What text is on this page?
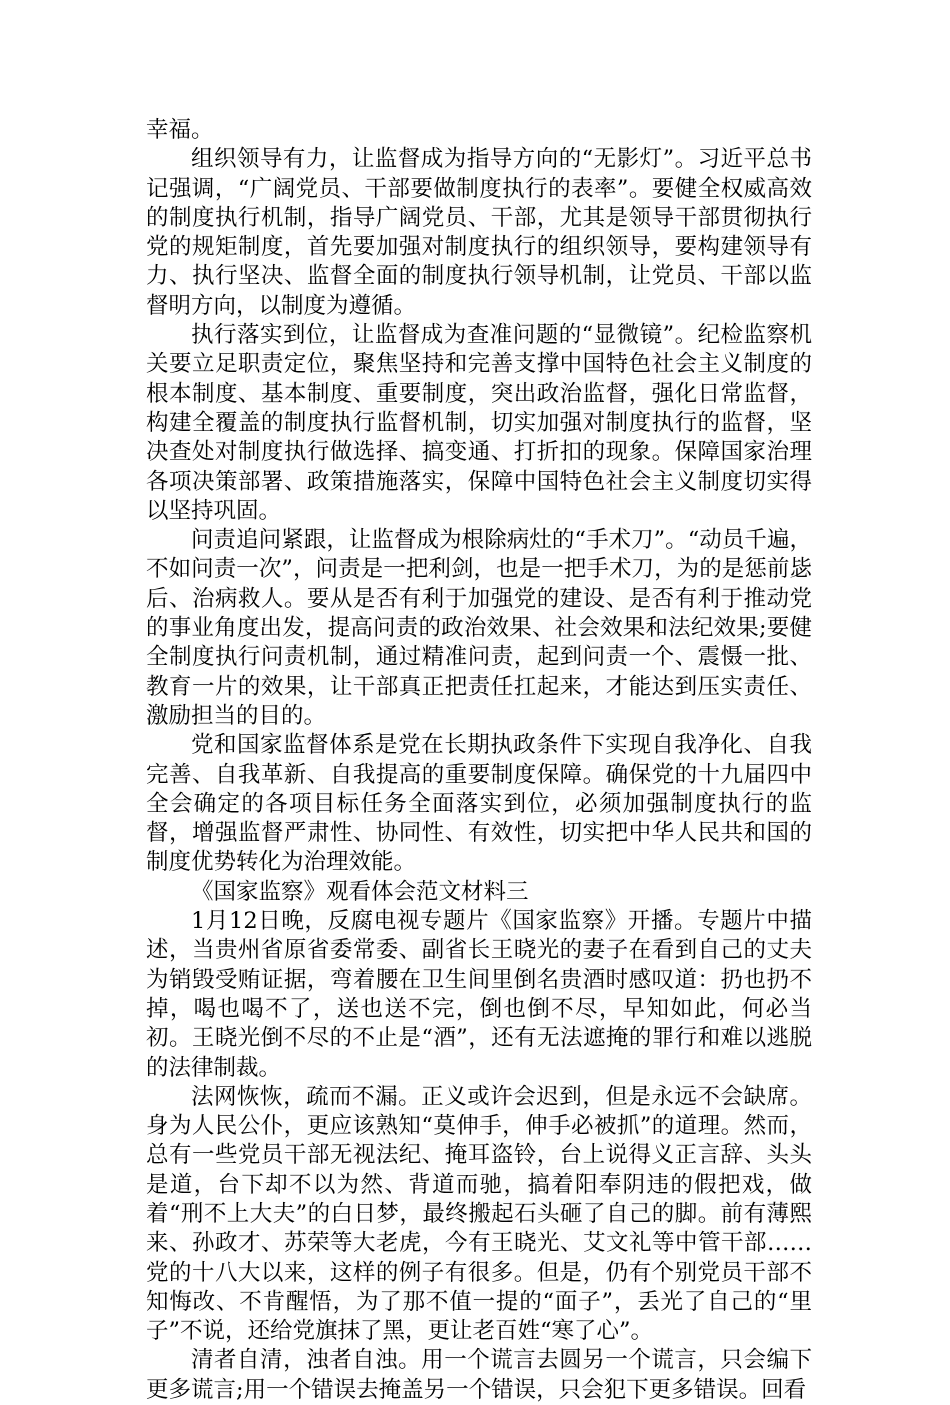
幸福。

组织领导有力，让监督成为指导方向的“无影灯”。习近平总书记强调，“广阔党员、干部要做制度执行的表率”。要健全权威高效的制度执行机制，指导广阔党员、干部，尤其是领导干部贯彻执行党的规矩制度，首先要加强对制度执行的组织领导，要构建领导有力、执行坚决、监督全面的制度执行领导机制，让党员、干部以监督明方向，以制度为遵循。

执行落实到位，让监督成为查准问题的“显微镜”。纪检监察机关要立足职责定位，聚焦坚持和完善支撑中国特色社会主义制度的根本制度、基本制度、重要制度，突出政治监督，强化日常监督，构建全覆盖的制度执行监督机制，切实加强对制度执行的监督，坚决查处对制度执行做选择、搞变通、打折扣的现象。保障国家治理各项决策部署、政策措施落实，保障中国特色社会主义制度切实得以坚持巩固。

问责追问紧跟，让监督成为根除病灶的“手术刀”。“动员千遍，不如问责一次”，问责是一把利剑，也是一把手术刀，为的是惩前毖后、治病救人。要从是否有利于加强党的建设、是否有利于推动党的事业角度出发，提高问责的政治效果、社会效果和法纪效果;要健全制度执行问责机制，通过精准问责，起到问责一个、震慑一批、教育一片的效果，让干部真正把责任扛起来，才能达到压实责任、激励担当的目的。

党和国家监督体系是党在长期执政条件下实现自我净化、自我完善、自我革新、自我提高的重要制度保障。确保党的十九届四中全会确定的各项目标任务全面落实到位，必须加强制度执行的监督，增强监督严肃性、协同性、有效性，切实把中华人民共和国的制度优势转化为治理效能。

《国家监察》观看体会范文材料三

1月12日晚，反腐电视专题片《国家监察》开播。专题片中描述，当贵州省原省委常委、副省长王晓光的妻子在看到自己的丈夫为销毁受贿证据，弯着腰在卫生间里倒名贵酒时感叹道：扔也扔不掉，喝也喝不了，送也送不完，倒也倒不尽，早知如此，何必当初。王晓光倒不尽的不止是“酒”，还有无法遮掩的罪行和难以逃脱的法律制裁。

法网恢恢，疏而不漏。正义或许会迟到，但是永远不会缺席。身为人民公仆，更应该熟知“莫伸手，伸手必被抓”的道理。然而，总有一些党员干部无视法纪、掩耳盗铃，台上说得义正言辞、头头是道，台下却不以为然、背道而驰，搞着阳奉阴违的假把戏，做着“刑不上大夫”的白日梦，最终搬起石头砸了自己的脚。前有薄熙来、孙政才、苏荣等大老虎，今有王晓光、艾文礼等中管干部……党的十八大以来，这样的例子有很多。但是，仍有个别党员干部不知悔改、不肯醒悟，为了那不值一提的“面子”，丢光了自己的“里子”不说，还给党旗抹了黑，更让老百姓“寒了心”。

清者自清，浊者自浊。用一个谎言去圆另一个谎言，只会编下更多谎言;用一个错误去掩盖另一个错误，只会犯下更多错误。回看
